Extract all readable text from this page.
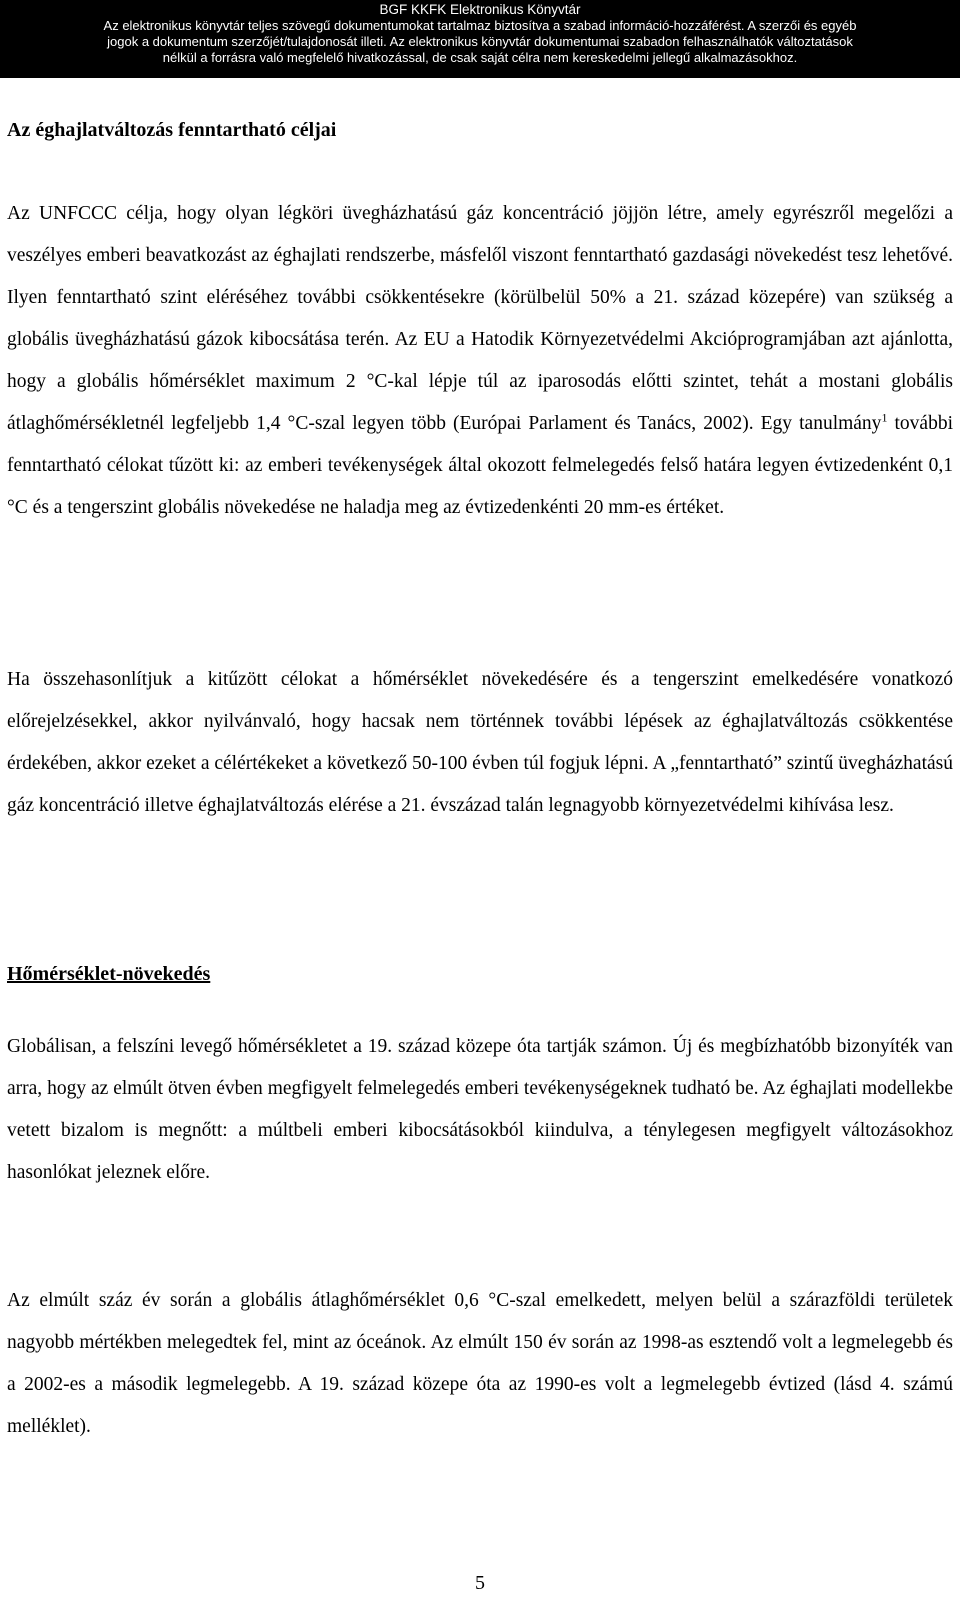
BGF KKFK Elektronikus Könyvtár
Az elektronikus könyvtár teljes szövegű dokumentumokat tartalmaz biztosítva a szabad információ-hozzáférést. A szerzői és egyéb
jogok a dokumentum szerzőjét/tulajdonosát illeti. Az elektronikus könyvtár dokumentumai szabadon felhasználhatók változtatások
nélkül a forrásra való megfelelő hivatkozással, de csak saját célra nem kereskedelmi jellegű alkalmazásokhoz.
Az éghajlatváltozás fenntartható céljai

Az UNFCCC célja, hogy olyan légköri üvegházhatású gáz koncentráció jöjjön létre, amely egyrészről megelőzi a veszélyes emberi beavatkozást az éghajlati rendszerbe, másfelől viszont fenntartható gazdasági növekedést tesz lehetővé. Ilyen fenntartható szint eléréséhez további csökkentésekre (körülbelül 50% a 21. század közepére) van szükség a globális üvegházhatású gázok kibocsátása terén. Az EU a Hatodik Környezetvédelmi Akcióprogramjában azt ajánlotta, hogy a globális hőmérséklet maximum 2 °C-kal lépje túl az iparosodás előtti szintet, tehát a mostani globális átlaghőmérsékletnél legfeljebb 1,4 °C-szal legyen több (Európai Parlament és Tanács, 2002). Egy tanulmány$^1$ további fenntartható célokat tűzött ki: az emberi tevékenységek által okozott felmelegedés felső határa legyen évtizedenként 0,1 °C és a tengerszint globális növekedése ne haladja meg az évtizedenkénti 20 mm-es értéket.

Ha összehasonlítjuk a kitűzött célokat a hőmérséklet növekedésére és a tengerszint emelkedésére vonatkozó előrejelzésekkel, akkor nyilvánvaló, hogy hacsak nem történnek további lépések az éghajlatváltozás csökkentése érdekében, akkor ezeket a célértékeket a következő 50-100 évben túl fogjuk lépni. A „fenntartható” szintű üvegházhatású gáz koncentráció illetve éghajlatváltozás elérése a 21. évszázad talán legnagyobb környezetvédelmi kihívása lesz.

Hőmérséklet-növekedés

Globálisan, a felszíni levegő hőmérsékletet a 19. század közepe óta tartják számon. Új és megbízhatóbb bizonyíték van arra, hogy az elmúlt ötven évben megfigyelt felmelegedés emberi tevékenységeknek tudható be. Az éghajlati modellekbe vetett bizalom is megnőtt: a múltbeli emberi kibocsátásokból kiindulva, a ténylegesen megfigyelt változásokhoz hasonlókat jeleznek előre.

Az elmúlt száz év során a globális átlaghőmérséklet 0,6 °C-szal emelkedett, melyen belül a szárazföldi területek nagyobb mértékben melegedtek fel, mint az óceánok. Az elmúlt 150 év során az 1998-as esztendő volt a legmelegebb és a 2002-es a második legmelegebb. A 19. század közepe óta az 1990-es volt a legmelegebb évtized (lásd 4. számú melléklet).

5
